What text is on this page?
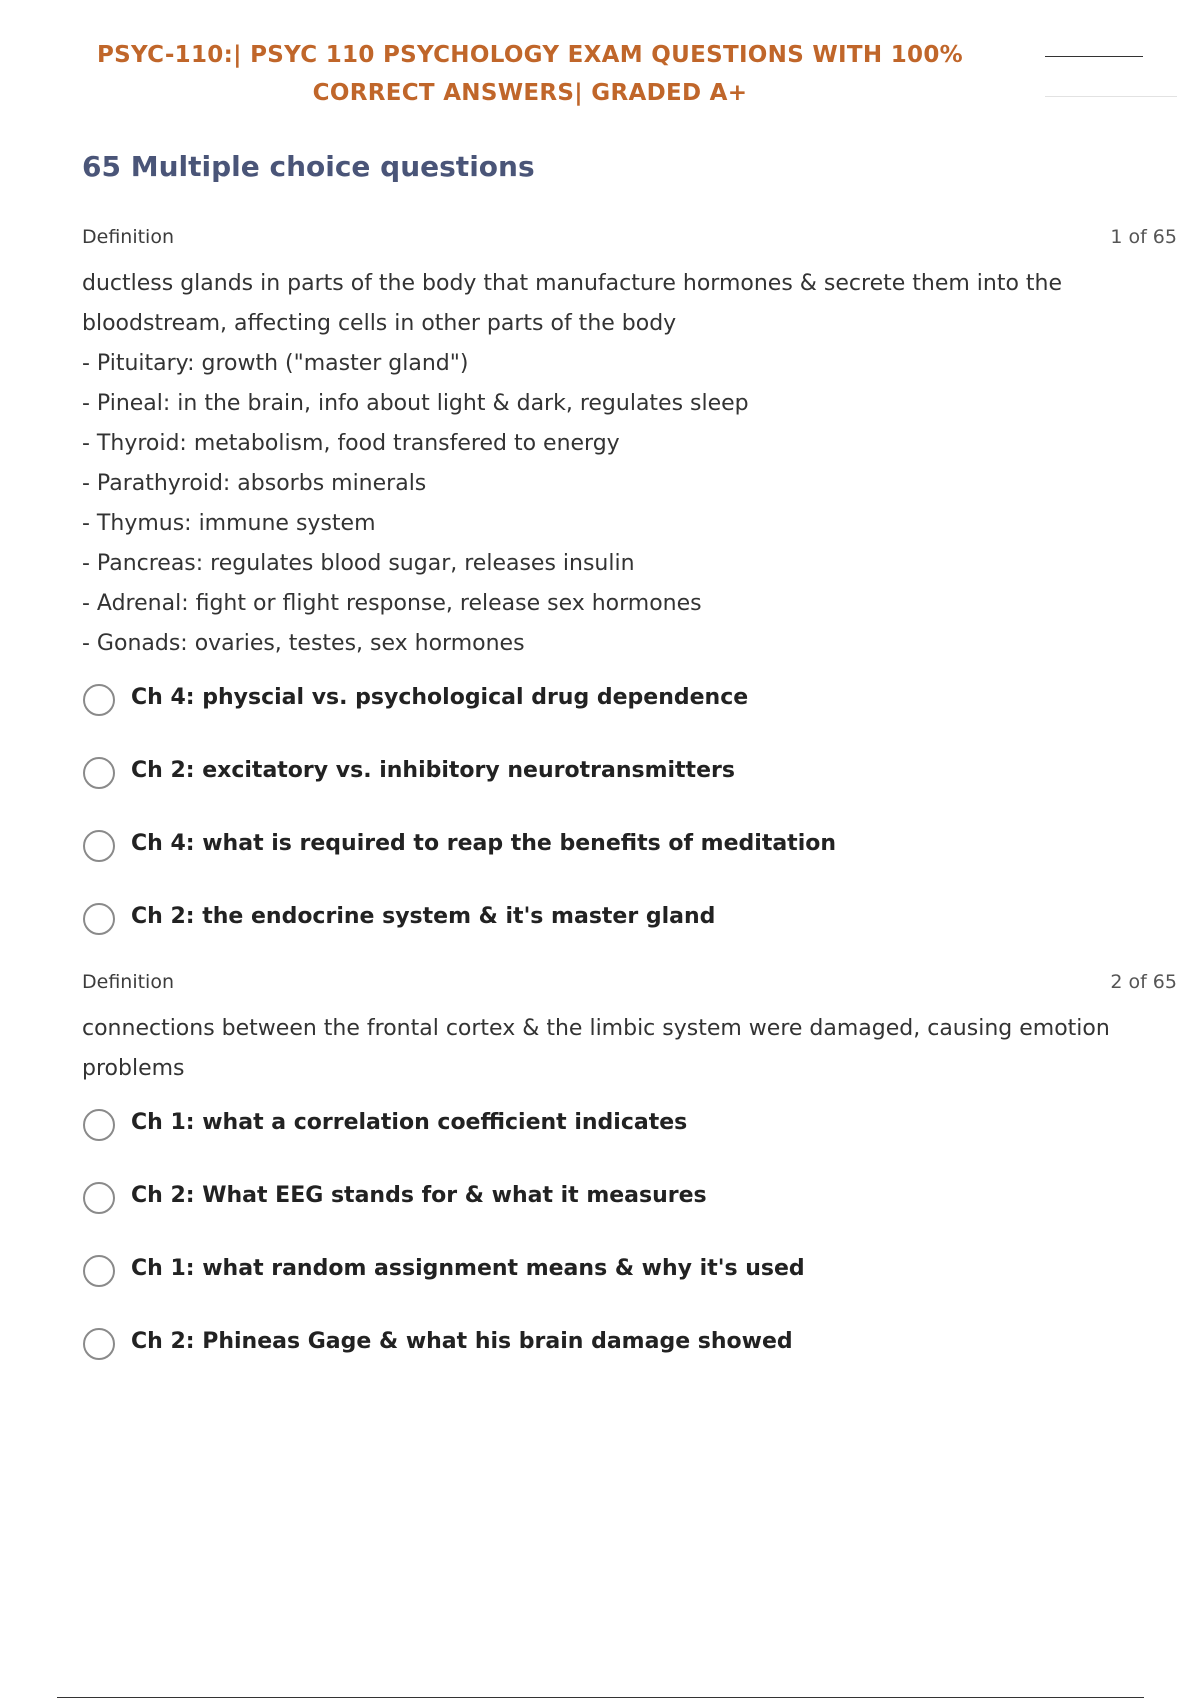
PSYC-110:| PSYC 110 PSYCHOLOGY EXAM QUESTIONS WITH 100%
CORRECT ANSWERS| GRADED A+
65 Multiple choice questions
Definition	1 of 65
ductless glands in parts of the body that manufacture hormones & secrete them into the
bloodstream, affecting cells in other parts of the body
- Pituitary: growth ("master gland")
- Pineal: in the brain, info about light & dark, regulates sleep
- Thyroid: metabolism, food transfered to energy
- Parathyroid: absorbs minerals
- Thymus: immune system
- Pancreas: regulates blood sugar, releases insulin
- Adrenal: fight or flight response, release sex hormones
- Gonads: ovaries, testes, sex hormones
Ch 4: physcial vs. psychological drug dependence
Ch 2: excitatory vs. inhibitory neurotransmitters
Ch 4: what is required to reap the benefits of meditation
Ch 2: the endocrine system & it's master gland
Definition	2 of 65
connections between the frontal cortex & the limbic system were damaged, causing emotion
problems
Ch 1: what a correlation coefficient indicates
Ch 2: What EEG stands for & what it measures
Ch 1: what random assignment means & why it's used
Ch 2: Phineas Gage & what his brain damage showed
